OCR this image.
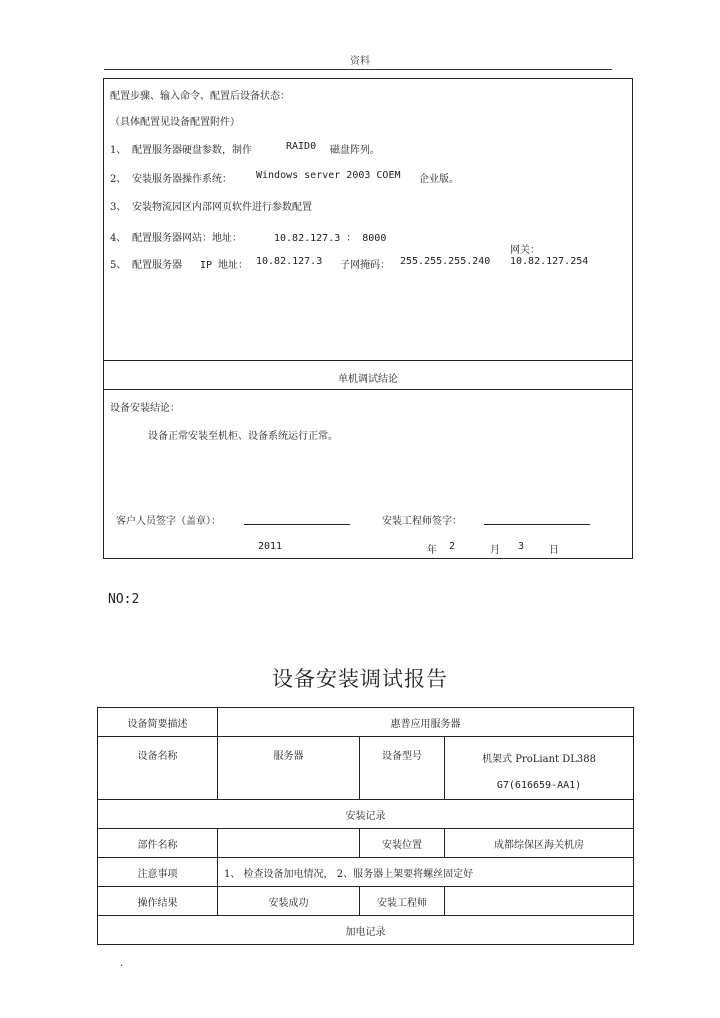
资料
配置步骤、输入命令、配置后设备状态：
（具体配置见设备配置附件）
1、 配置服务器硬盘参数，制作	RAID0 磁盘阵列。
2、 安装服务器操作系统： Windows server 2003 COEM 企业版。
3、 安装物流园区内部网页软件进行参数配置
4、 配置服务器网站：地址：	10.82.127.3 ： 8000
网关：
5、 配置服务器 IP 地址： 10.82.127.3 子网掩码： 255.255.255.240 10.82.127.254
单机调试结论
设备安装结论：
设备正常安装至机柜、设备系统运行正常。
客户人员签字（盖章）：	安装工程师签字：
2011	年 2	月 3 日
NO:2
设备安装调试报告
设备简要描述	惠普应用服务器		
设备名称	服务器	设备型号	机架式 ProLiant DL388
G7(616659-AA1)

安装记录			
部件名称		安装位置	成都综保区海关机房
注意事项	1、 检查设备加电情况， 2、服务器上架要将螺丝固定好		
操作结果	安装成功	安装工程师	
加电记录			
.
